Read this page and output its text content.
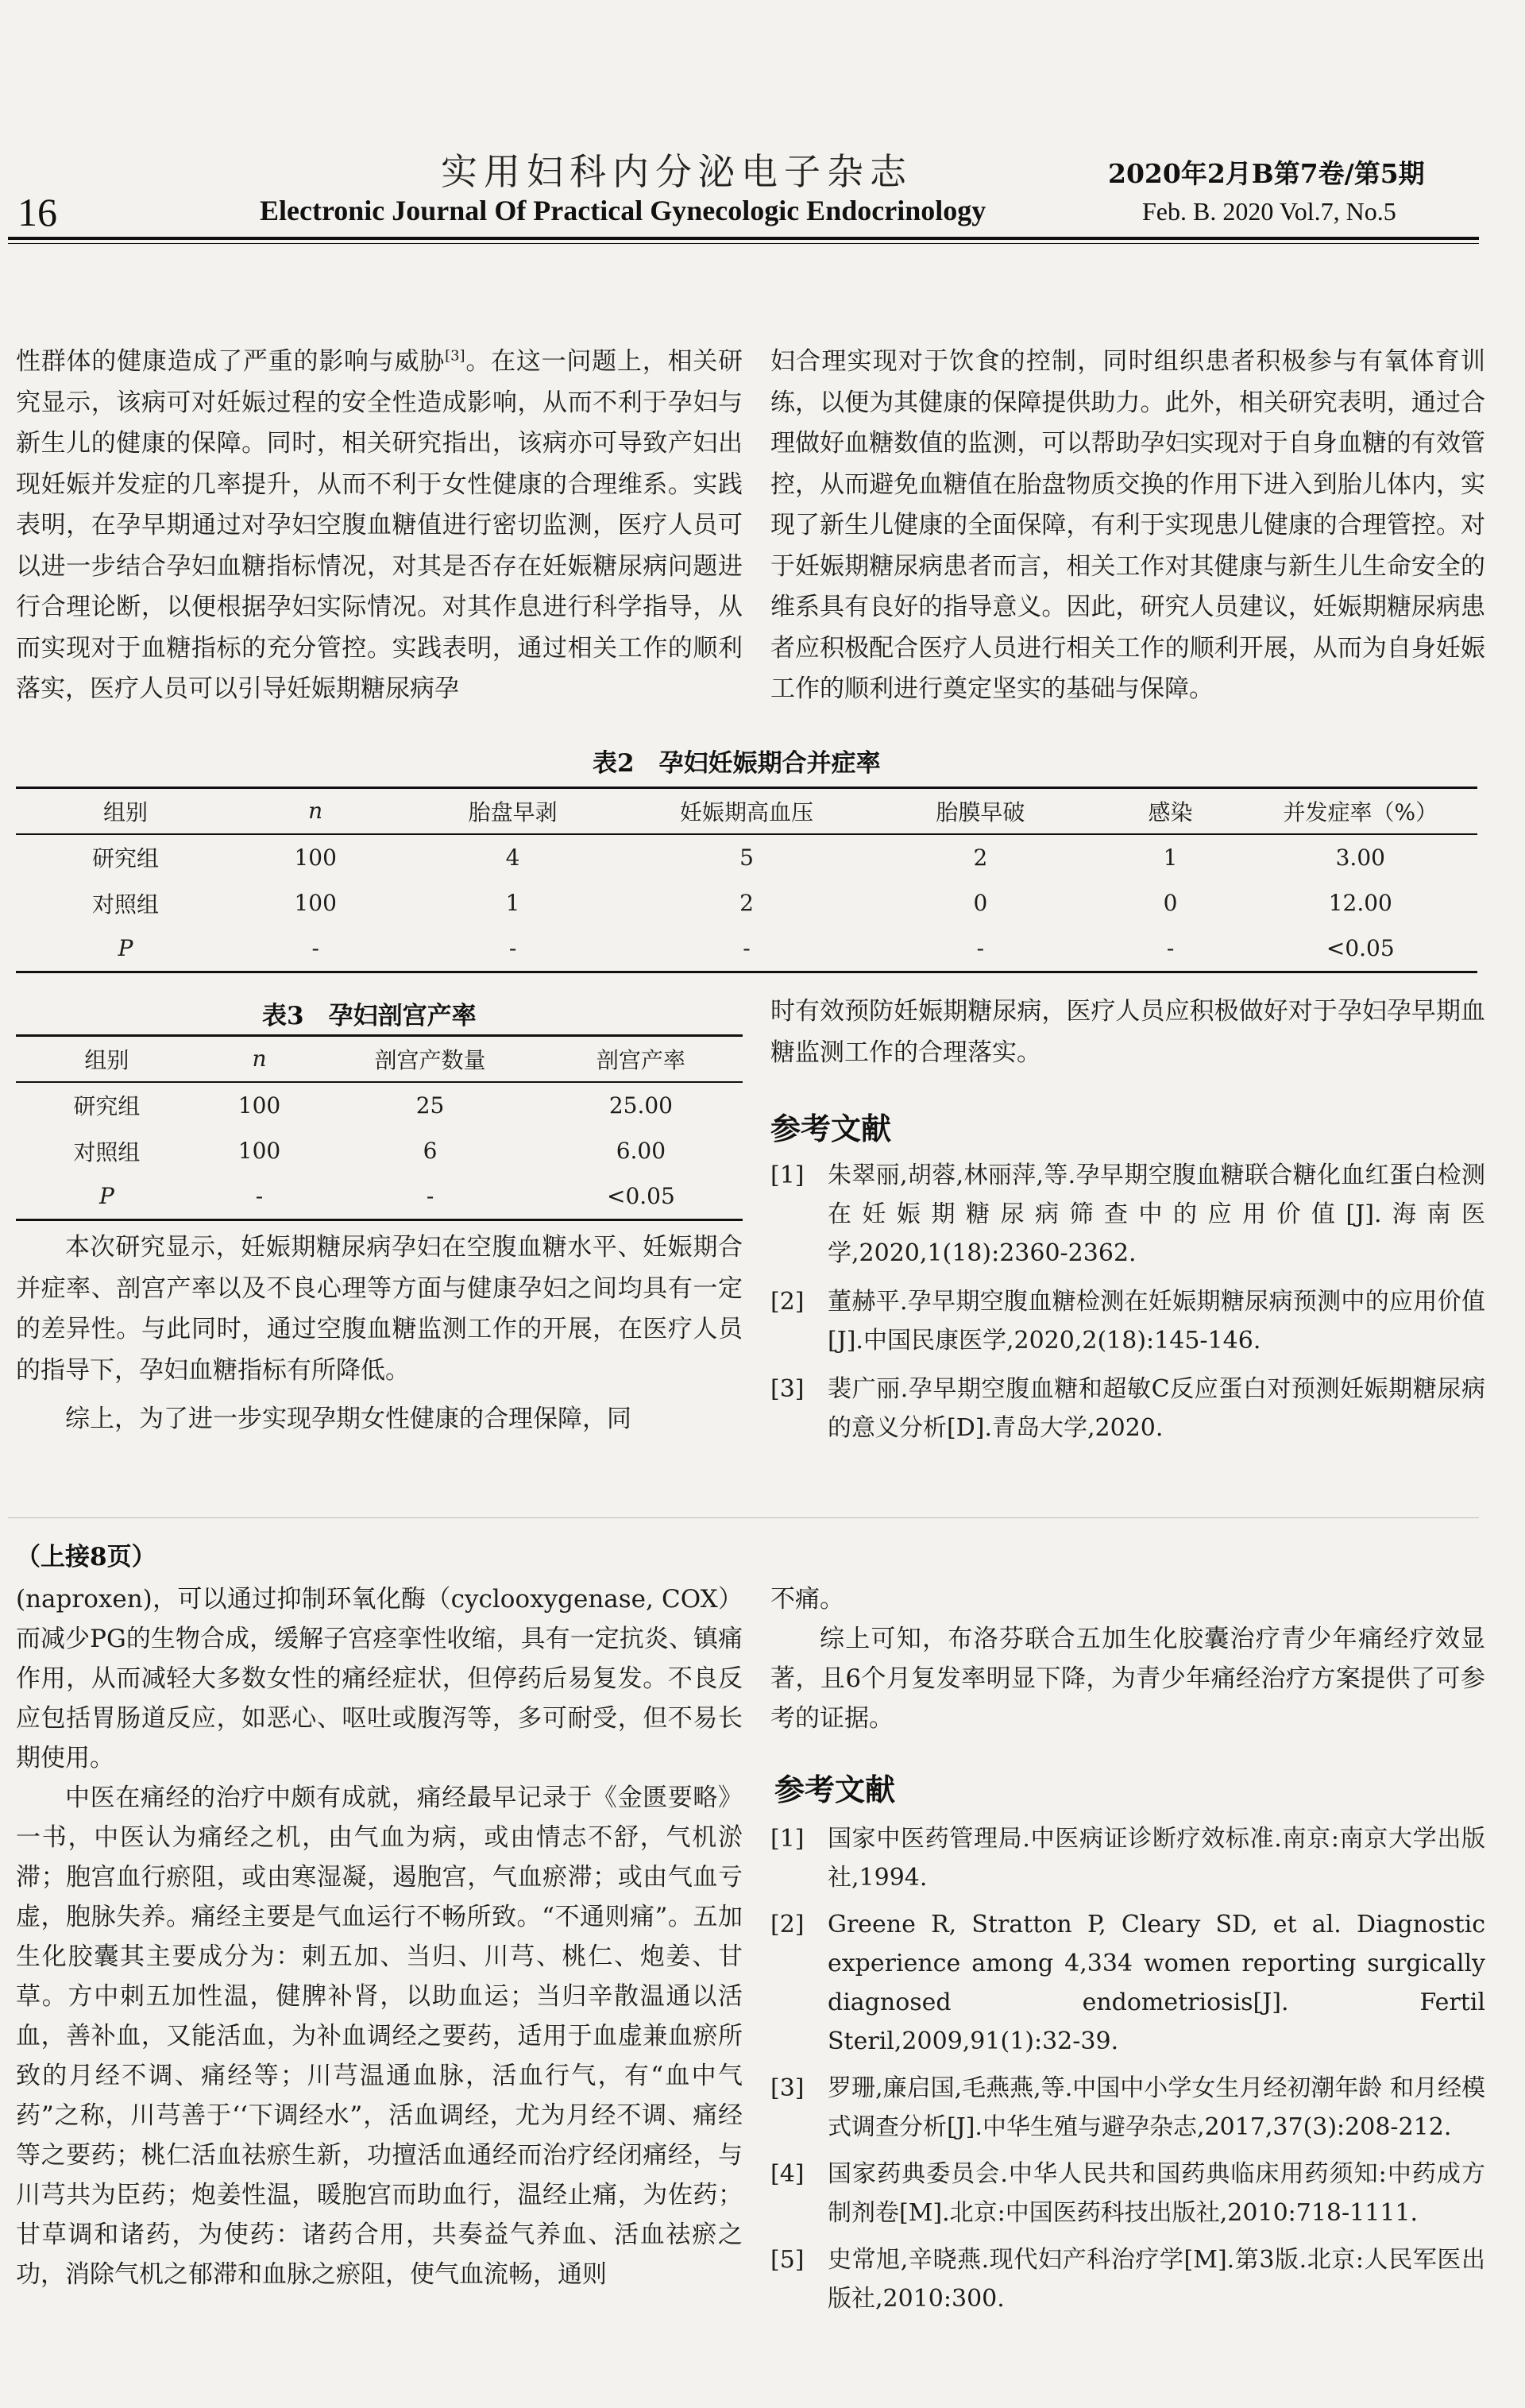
实用妇科内分泌电子杂志
16	Electronic Journal Of Practical Gynecologic Endocrinology
2020年2月B第7卷/第5期
Feb. B. 2020 Vol.7, No.5

性群体的健康造成了严重的影响与威胁[3]。在这一问题上，相关研究显示，该病可对妊娠过程的安全性造成影响，从而不利于孕妇与新生儿的健康的保障。同时，相关研究指出，该病亦可导致产妇出现妊娠并发症的几率提升，从而不利于女性健康的合理维系。实践表明，在孕早期通过对孕妇空腹血糖值进行密切监测，医疗人员可以进一步结合孕妇血糖指标情况，对其是否存在妊娠糖尿病问题进行合理论断，以便根据孕妇实际情况。对其作息进行科学指导，从而实现对于血糖指标的充分管控。实践表明，通过相关工作的顺利落实，医疗人员可以引导妊娠期糖尿病孕

妇合理实现对于饮食的控制，同时组织患者积极参与有氧体育训练，以便为其健康的保障提供助力。此外，相关研究表明，通过合理做好血糖数值的监测，可以帮助孕妇实现对于自身血糖的有效管控，从而避免血糖值在胎盘物质交换的作用下进入到胎儿体内，实现了新生儿健康的全面保障，有利于实现患儿健康的合理管控。对于妊娠期糖尿病患者而言，相关工作对其健康与新生儿生命安全的维系具有良好的指导意义。因此，研究人员建议，妊娠期糖尿病患者应积极配合医疗人员进行相关工作的顺利开展，从而为自身妊娠工作的顺利进行奠定坚实的基础与保障。

表2　孕妇妊娠期合并症率
组别	n	胎盘早剥	妊娠期高血压	胎膜早破	感染	并发症率（%）
研究组	100	4	5	2	1	3.00
对照组	100	1	2	0	0	12.00
P	-	-	-	-	-	<0.05
表3　孕妇剖宫产率
组别	n	剖宫产数量	剖宫产率
研究组	100	25	25.00
对照组	100	6	6.00
P	-	-	<0.05

本次研究显示，妊娠期糖尿病孕妇在空腹血糖水平、妊娠期合并症率、剖宫产率以及不良心理等方面与健康孕妇之间均具有一定的差异性。与此同时，通过空腹血糖监测工作的开展，在医疗人员的指导下，孕妇血糖指标有所降低。

综上，为了进一步实现孕期女性健康的合理保障，同

时有效预防妊娠期糖尿病，医疗人员应积极做好对于孕妇孕早期血糖监测工作的合理落实。

参考文献
[1] 朱翠丽,胡蓉,林丽萍,等.孕早期空腹血糖联合糖化血红蛋白检测在妊娠期糖尿病筛查中的应用价值[J].海南医学,2020,1(18):2360-2362.
[2] 董赫平.孕早期空腹血糖检测在妊娠期糖尿病预测中的应用价值[J].中国民康医学,2020,2(18):145-146.
[3] 裴广丽.孕早期空腹血糖和超敏C反应蛋白对预测妊娠期糖尿病的意义分析[D].青岛大学,2020.
（上接8页）

(naproxen)，可以通过抑制环氧化酶（cyclooxygenase, COX）而减少PG的生物合成，缓解子宫痉挛性收缩，具有一定抗炎、镇痛作用，从而减轻大多数女性的痛经症状，但停药后易复发。不良反应包括胃肠道反应，如恶心、呕吐或腹泻等，多可耐受，但不易长期使用。

中医在痛经的治疗中颇有成就，痛经最早记录于《金匮要略》一书，中医认为痛经之机，由气血为病，或由情志不舒，气机淤滞；胞宫血行瘀阻，或由寒湿凝，遏胞宫，气血瘀滞；或由气血亏虚，胞脉失养。痛经主要是气血运行不畅所致。“不通则痛”。五加生化胶囊其主要成分为：刺五加、当归、川芎、桃仁、炮姜、甘草。方中刺五加性温，健脾补肾，以助血运；当归辛散温通以活血，善补血，又能活血，为补血调经之要药，适用于血虚兼血瘀所致的月经不调、痛经等；川芎温通血脉，活血行气，有“血中气药”之称，川芎善于‘‘下调经水”，活血调经，尤为月经不调、痛经等之要药；桃仁活血祛瘀生新，功擅活血通经而治疗经闭痛经，与川芎共为臣药；炮姜性温，暖胞宫而助血行，温经止痛，为佐药；甘草调和诸药，为使药：诸药合用，共奏益气养血、活血祛瘀之功，消除气机之郁滞和血脉之瘀阻，使气血流畅，通则

不痛。

综上可知，布洛芬联合五加生化胶囊治疗青少年痛经疗效显著，且6个月复发率明显下降，为青少年痛经治疗方案提供了可参考的证据。

参考文献
[1] 国家中医药管理局.中医病证诊断疗效标准.南京:南京大学出版社,1994.
[2] Greene R, Stratton P, Cleary SD, et al. Diagnostic experience among 4,334 women reporting surgically diagnosed endometriosis[J]. Fertil Steril,2009,91(1):32-39.
[3] 罗珊,廉启国,毛燕燕,等.中国中小学女生月经初潮年龄 和月经模式调查分析[J].中华生殖与避孕杂志,2017,37(3):208-212.
[4] 国家药典委员会.中华人民共和国药典临床用药须知:中药成方制剂卷[M].北京:中国医药科技出版社,2010:718-1111.
[5] 史常旭,辛晓燕.现代妇产科治疗学[M].第3版.北京:人民军医出版社,2010:300.
